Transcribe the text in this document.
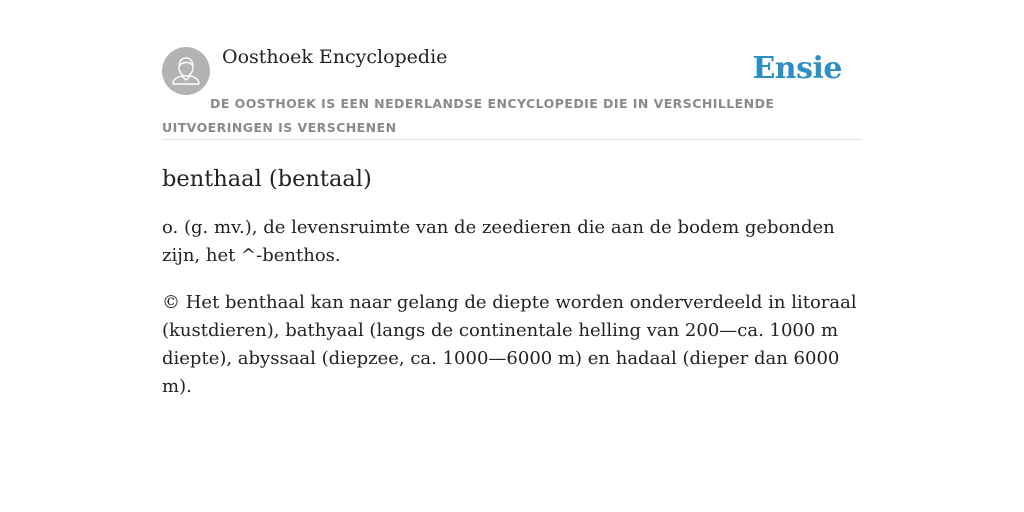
Oosthoek Encyclopedie	Ensie

DE OOSTHOEK IS EEN NEDERLANDSE ENCYCLOPEDIE DIE IN VERSCHILLENDE UITVOERINGEN IS VERSCHENEN

benthaal (bentaal)

o. (g. mv.), de levensruimte van de zeedieren die aan de bodem gebonden zijn, het ^-benthos.

© Het benthaal kan naar gelang de diepte worden onderverdeeld in litoraal (kustdieren), bathyaal (langs de continentale helling van 200—ca. 1000 m diepte), abyssaal (diepzee, ca. 1000—6000 m) en hadaal (dieper dan 6000 m).
